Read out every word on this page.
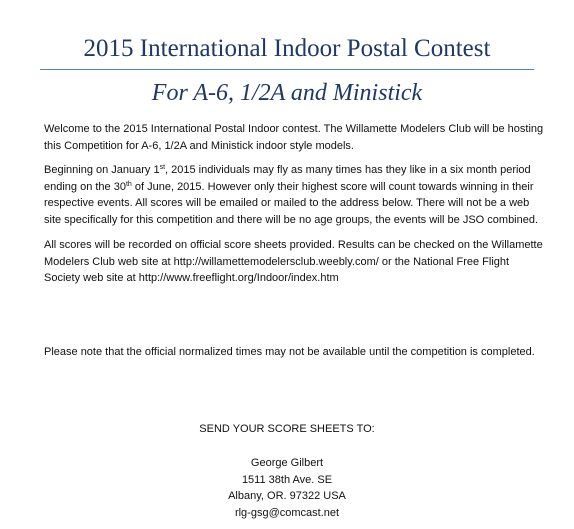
2015 International Indoor Postal Contest
For A-6, 1/2A and Ministick

Welcome to the 2015 International Postal Indoor contest. The Willamette Modelers Club will be hosting this Competition for A-6, 1/2A and Ministick indoor style models.

Beginning on January 1st, 2015 individuals may fly as many times has they like in a six month period ending on the 30th of June, 2015. However only their highest score will count towards winning in their respective events. All scores will be emailed or mailed to the address below. There will not be a web site specifically for this competition and there will be no age groups, the events will be JSO combined.

All scores will be recorded on official score sheets provided. Results can be checked on the Willamette Modelers Club web site at http://willamettemodelersclub.weebly.com/ or the National Free Flight Society web site at http://www.freeflight.org/Indoor/index.htm

Please note that the official normalized times may not be available until the competition is completed.

SEND YOUR SCORE SHEETS TO:
George Gilbert
1511 38th Ave. SE
Albany, OR. 97322 USA
rlg-gsg@comcast.net
